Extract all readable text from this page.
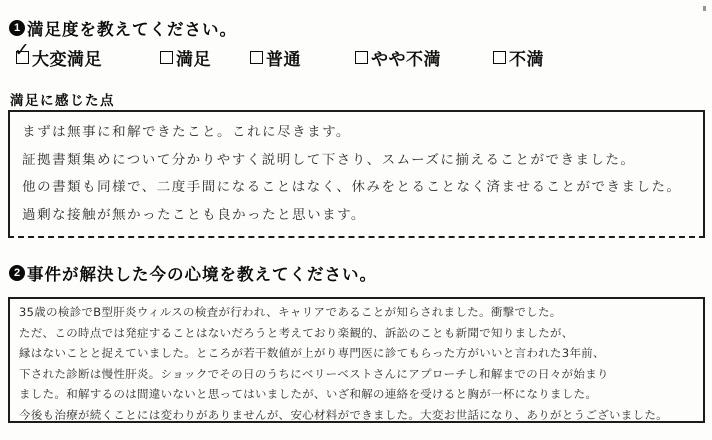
1 満足度を教えてください。
✓ 大変満足	満足	普通	やや不満	不満
満足に感じた点
まずは無事に和解できたこと。これに尽きます。
証拠書類集めについて分かりやすく説明して下さり、スムーズに揃えることができました。
他の書類も同様で、二度手間になることはなく、休みをとることなく済ませることができました。
過剰な接触が無かったことも良かったと思います。
2 事件が解決した今の心境を教えてください。
35歳の検診でB型肝炎ウィルスの検査が行われ、キャリアであることが知らされました。衝撃でした。
ただ、この時点では発症することはないだろうと考えており楽観的、訴訟のことも新聞で知りましたが、
縁はないことと捉えていました。ところが若干数値が上がり専門医に診てもらった方がいいと言われた3年前、
下された診断は慢性肝炎。ショックでその日のうちにベリーベストさんにアプローチし和解までの日々が始まり
ました。和解するのは間違いないと思ってはいましたが、いざ和解の連絡を受けると胸が一杯になりました。
今後も治療が続くことには変わりがありませんが、安心材料ができました。大変お世話になり、ありがとうございました。
